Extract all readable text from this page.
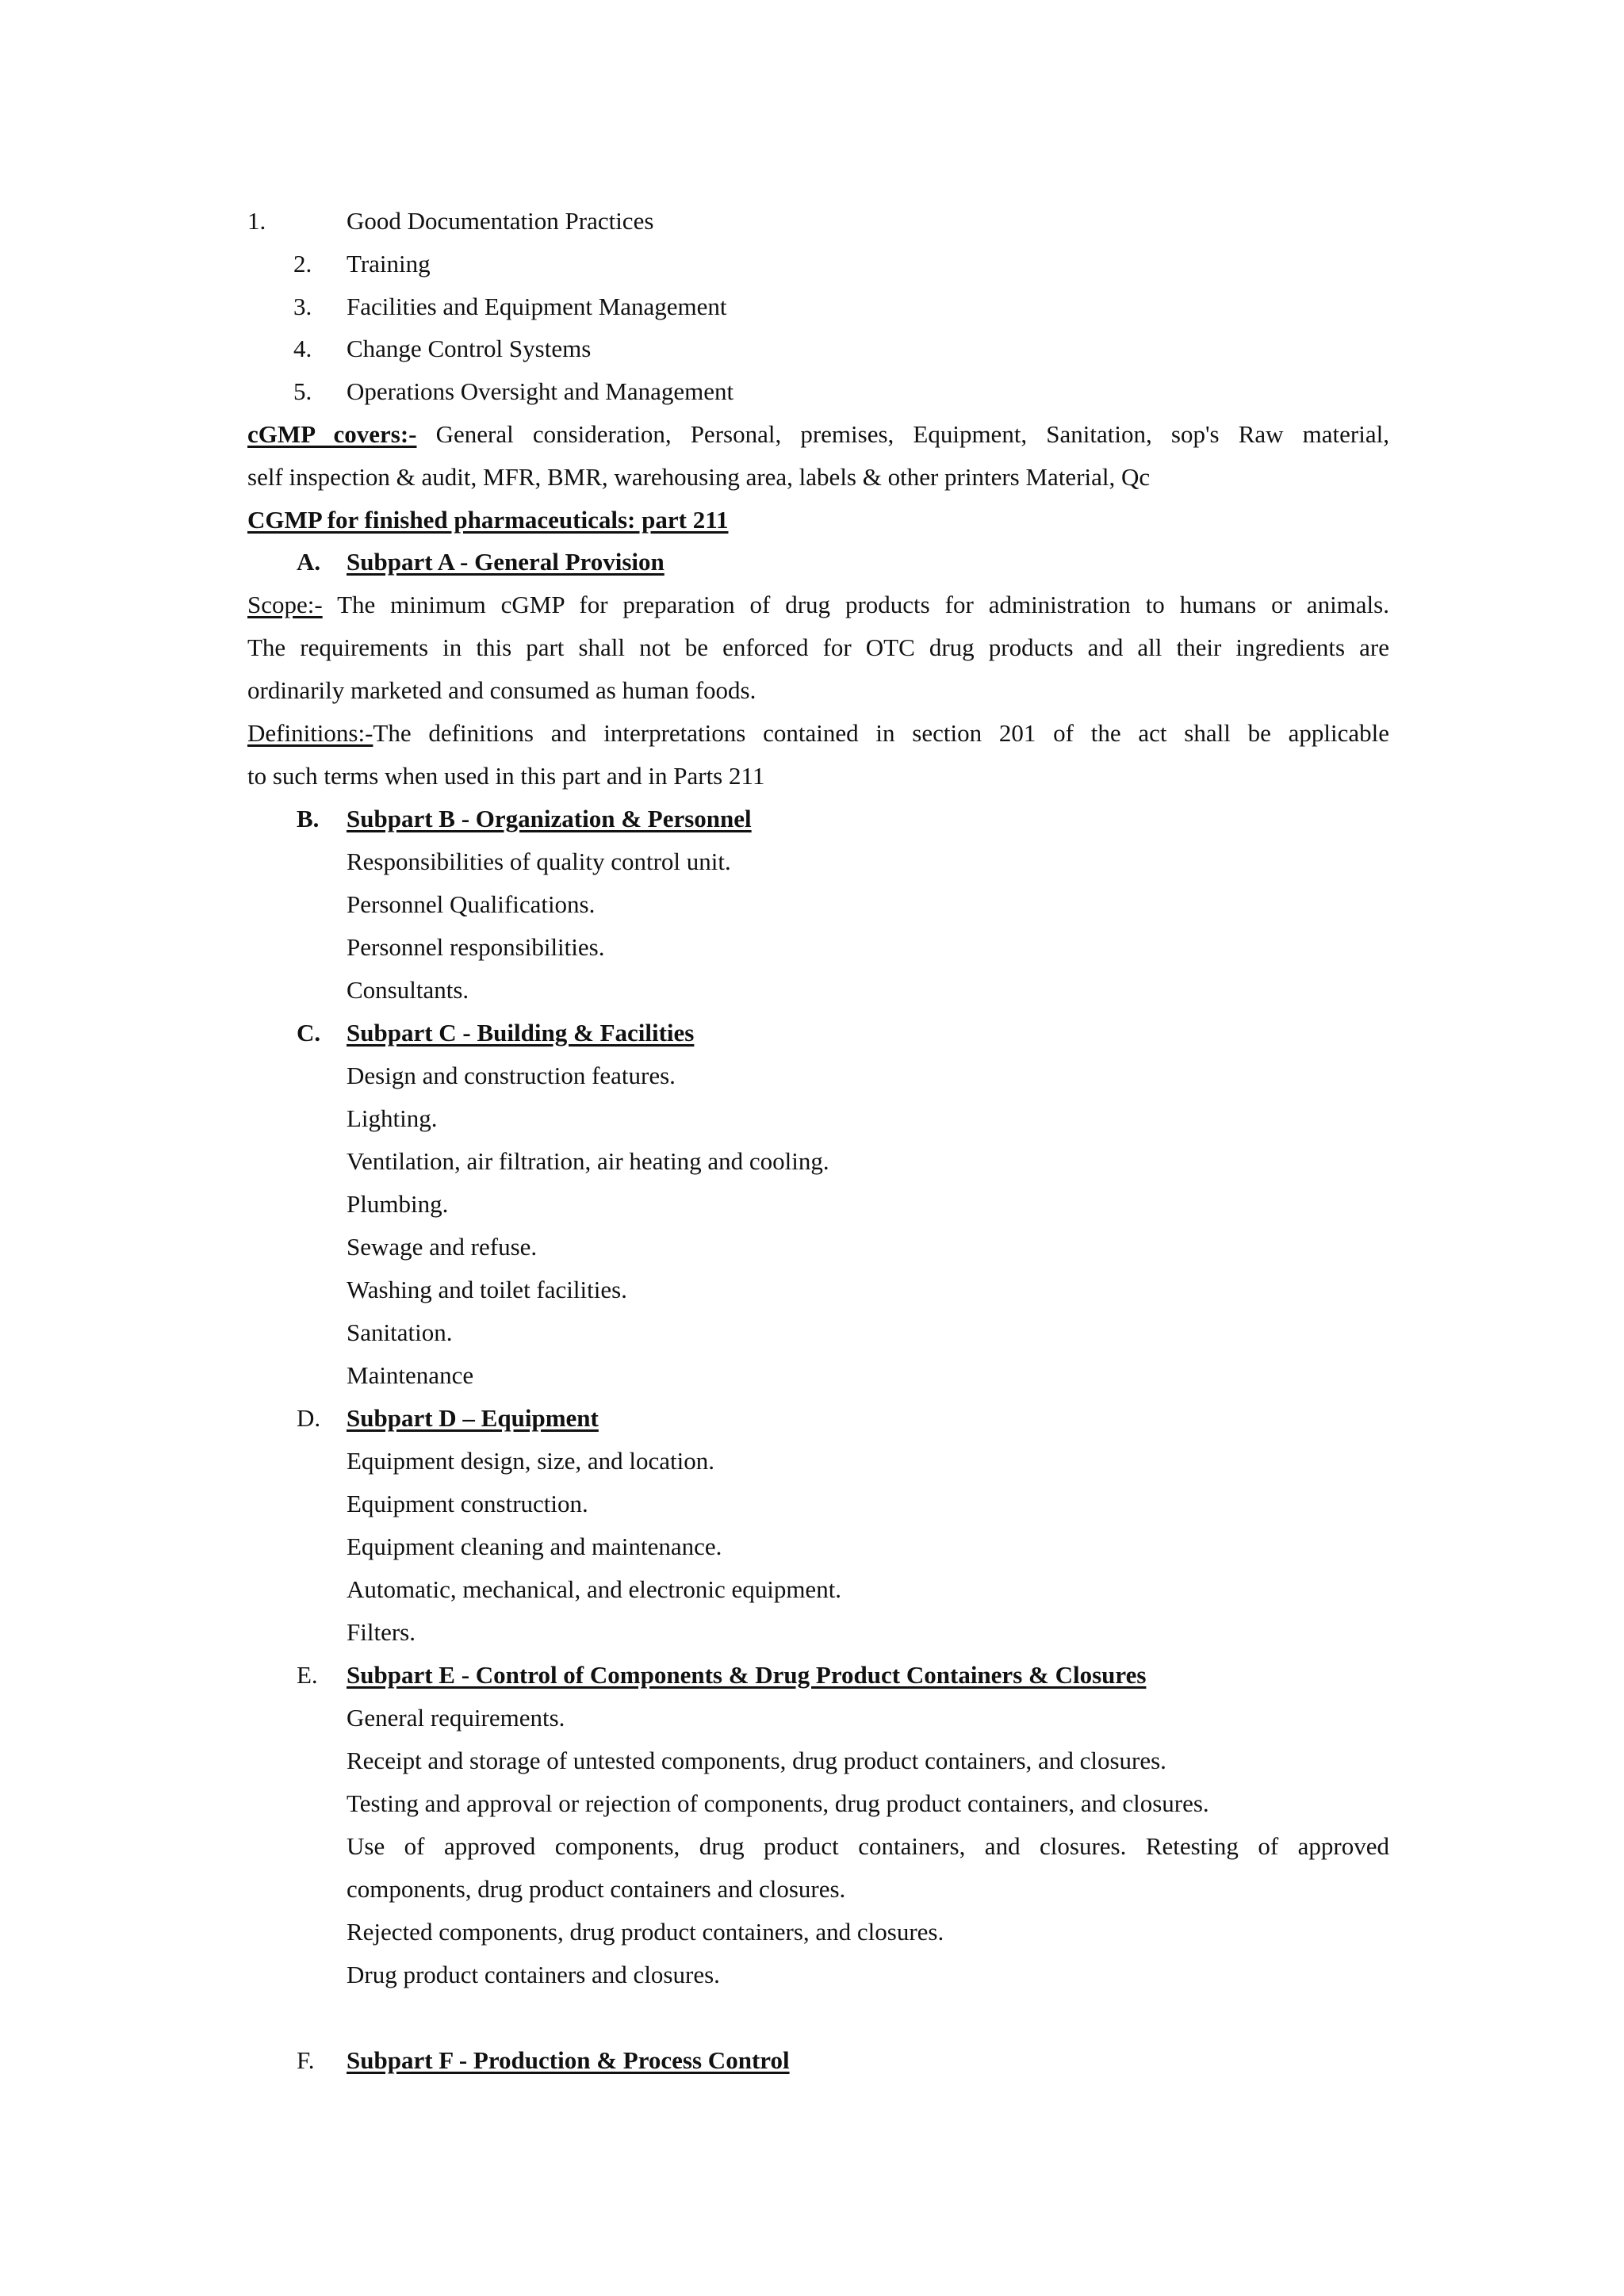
1.	Good Documentation Practices
2. Training
3. Facilities and Equipment Management
4. Change Control Systems
5. Operations Oversight and Management
cGMP covers:- General consideration, Personal, premises, Equipment, Sanitation, sop's Raw material,
self inspection & audit, MFR, BMR, warehousing area, labels & other printers Material, Qc
CGMP for finished pharmaceuticals: part 211
A. Subpart A - General Provision
Scope:- The minimum cGMP for preparation of drug products for administration to humans or animals.
The requirements in this part shall not be enforced for OTC drug products and all their ingredients are
ordinarily marketed and consumed as human foods.
Definitions:-The definitions and interpretations contained in section 201 of the act shall be applicable
to such terms when used in this part and in Parts 211
B. Subpart B - Organization & Personnel
Responsibilities of quality control unit.
Personnel Qualifications.
Personnel responsibilities.
Consultants.
C. Subpart C - Building & Facilities
Design and construction features.
Lighting.
Ventilation, air filtration, air heating and cooling.
Plumbing.
Sewage and refuse.
Washing and toilet facilities.
Sanitation.
Maintenance
D. Subpart D – Equipment
Equipment design, size, and location.
Equipment construction.
Equipment cleaning and maintenance.
Automatic, mechanical, and electronic equipment.
Filters.
E. Subpart E - Control of Components & Drug Product Containers & Closures
General requirements.
Receipt and storage of untested components, drug product containers, and closures.
Testing and approval or rejection of components, drug product containers, and closures.
Use of approved components, drug product containers, and closures. Retesting of approved
components, drug product containers and closures.
Rejected components, drug product containers, and closures.
Drug product containers and closures.
F. Subpart F - Production & Process Control
